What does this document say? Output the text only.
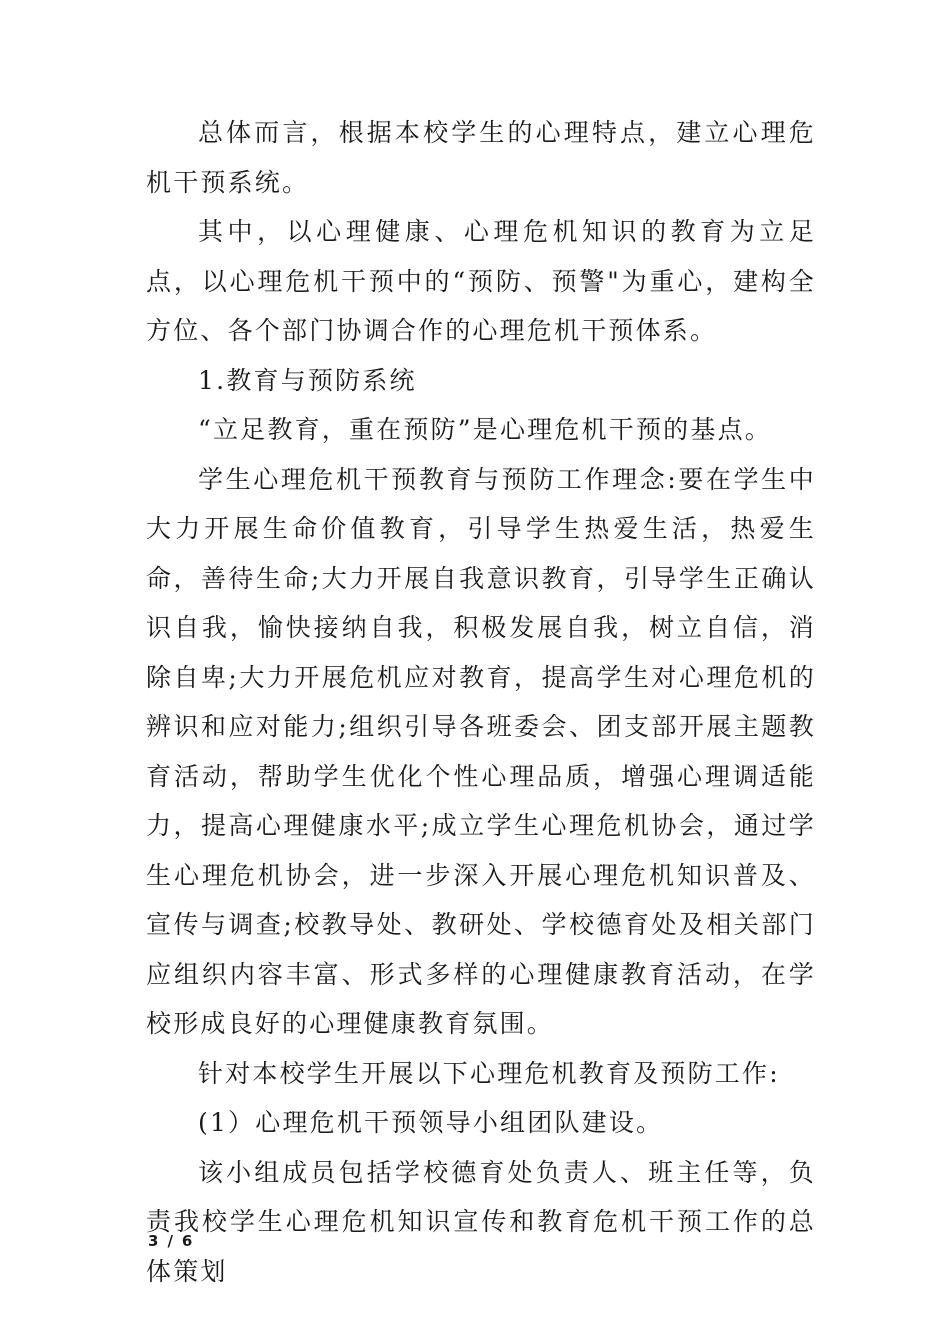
总体而言，根据本校学生的心理特点，建立心理危机干预系统。

其中，以心理健康、心理危机知识的教育为立足点，以心理危机干预中的“预防、预警"为重心，建构全方位、各个部门协调合作的心理危机干预体系。

1.教育与预防系统

“立足教育，重在预防”是心理危机干预的基点。

学生心理危机干预教育与预防工作理念:要在学生中大力开展生命价值教育，引导学生热爱生活，热爱生命，善待生命;大力开展自我意识教育，引导学生正确认识自我，愉快接纳自我，积极发展自我，树立自信，消除自卑;大力开展危机应对教育，提高学生对心理危机的辨识和应对能力;组织引导各班委会、团支部开展主题教育活动，帮助学生优化个性心理品质，增强心理调适能力，提高心理健康水平;成立学生心理危机协会，通过学生心理危机协会，进一步深入开展心理危机知识普及、宣传与调查;校教导处、教研处、学校德育处及相关部门应组织内容丰富、形式多样的心理健康教育活动，在学校形成良好的心理健康教育氛围。

针对本校学生开展以下心理危机教育及预防工作:

(1）心理危机干预领导小组团队建设。

该小组成员包括学校德育处负责人、班主任等，负责我校学生心理危机知识宣传和教育危机干预工作的总体策划

3 / 6
